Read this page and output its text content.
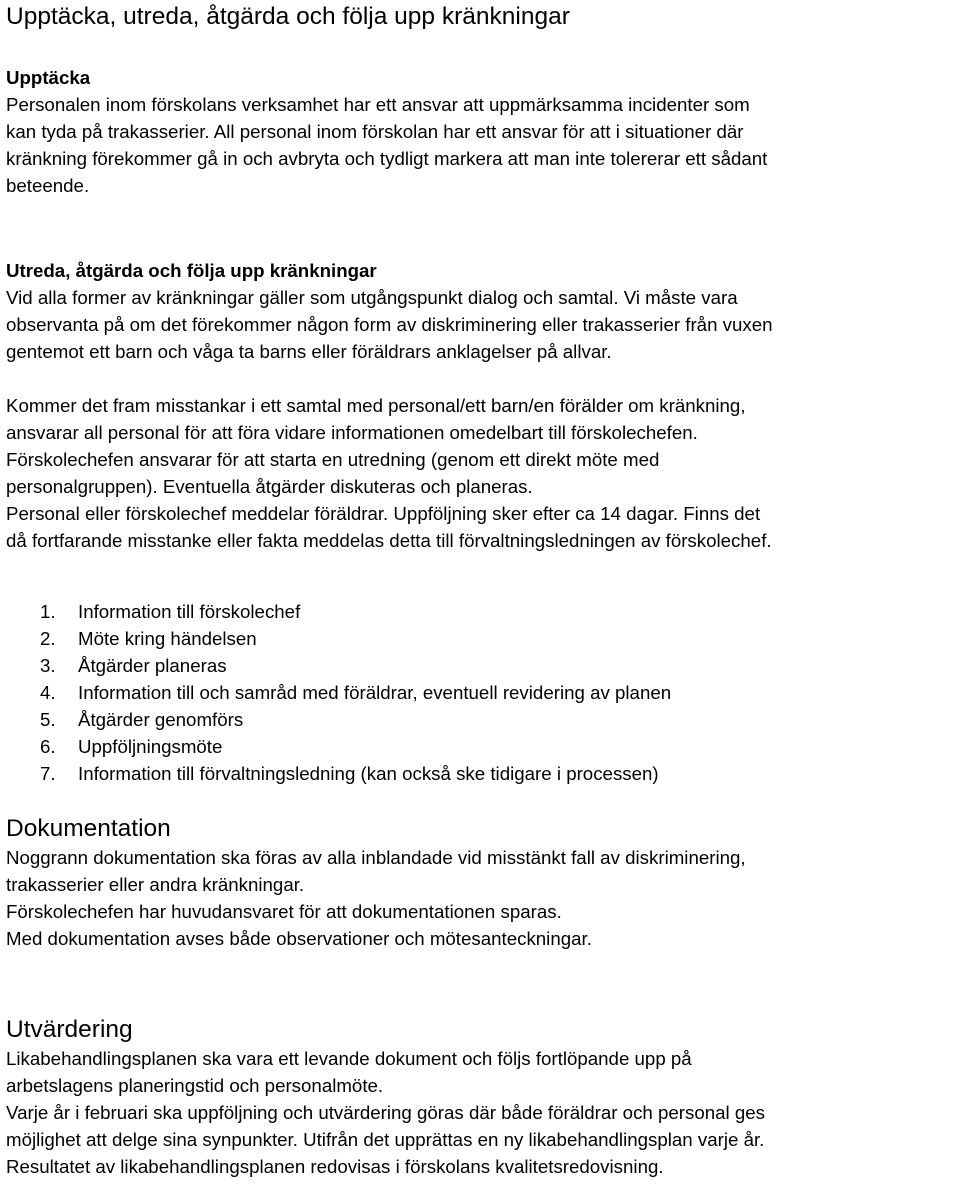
Upptäcka, utreda, åtgärda och följa upp kränkningar
Upptäcka
Personalen inom förskolans verksamhet har ett ansvar att uppmärksamma incidenter som
kan tyda på trakasserier. All personal inom förskolan har ett ansvar för att i situationer där
kränkning förekommer gå in och avbryta och tydligt markera att man inte tolererar ett sådant
beteende.
Utreda, åtgärda och följa upp kränkningar
Vid alla former av kränkningar gäller som utgångspunkt dialog och samtal. Vi måste vara
observanta på om det förekommer någon form av diskriminering eller trakasserier från vuxen
gentemot ett barn och våga ta barns eller föräldrars anklagelser på allvar.
Kommer det fram misstankar i ett samtal med personal/ett barn/en förälder om kränkning,
ansvarar all personal för att föra vidare informationen omedelbart till förskolechefen.
Förskolechefen ansvarar för att starta en utredning (genom ett direkt möte med
personalgruppen). Eventuella åtgärder diskuteras och planeras.
Personal eller förskolechef meddelar föräldrar. Uppföljning sker efter ca 14 dagar. Finns det
då fortfarande misstanke eller fakta meddelas detta till förvaltningsledningen av förskolechef.
1.	Information till förskolechef
2.	Möte kring händelsen
3.	Åtgärder planeras
4.	Information till och samråd med föräldrar, eventuell revidering av planen
5.	Åtgärder genomförs
6.	Uppföljningsmöte
7.	Information till förvaltningsledning (kan också ske tidigare i processen)
Dokumentation
Noggrann dokumentation ska föras av alla inblandade vid misstänkt fall av diskriminering,
trakasserier eller andra kränkningar.
Förskolechefen har huvudansvaret för att dokumentationen sparas.
Med dokumentation avses både observationer och mötesanteckningar.
Utvärdering
Likabehandlingsplanen ska vara ett levande dokument och följs fortlöpande upp på
arbetslagens planeringstid och personalmöte.
Varje år i februari ska uppföljning och utvärdering göras där både föräldrar och personal ges
möjlighet att delge sina synpunkter. Utifrån det upprättas en ny likabehandlingsplan varje år.
Resultatet av likabehandlingsplanen redovisas i förskolans kvalitetsredovisning.
